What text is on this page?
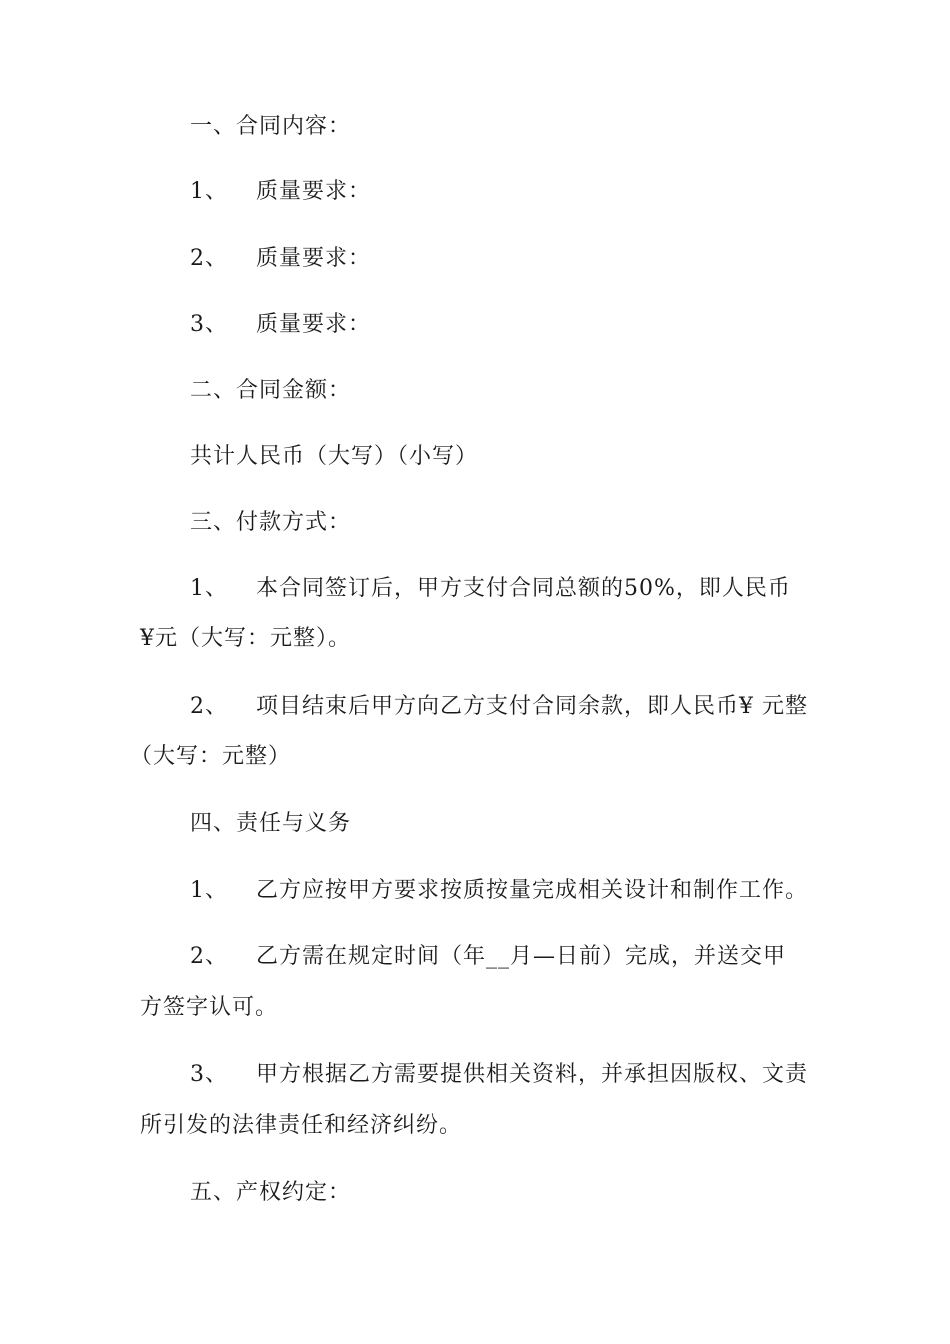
一、合同内容：
1、 质量要求：
2、 质量要求：
3、 质量要求：
二、合同金额：
共计人民币（大写）（小写）
三、付款方式：
1、 本合同签订后，甲方支付合同总额的50%，即人民币
¥元（大写：元整）。
2、 项目结束后甲方向乙方支付合同余款，即人民币¥ 元整
（大写：元整）
四、责任与义务
1、 乙方应按甲方要求按质按量完成相关设计和制作工作。
2、 乙方需在规定时间（年__月—日前）完成，并送交甲
方签字认可。
3、 甲方根据乙方需要提供相关资料，并承担因版权、文责
所引发的法律责任和经济纠纷。
五、产权约定：
